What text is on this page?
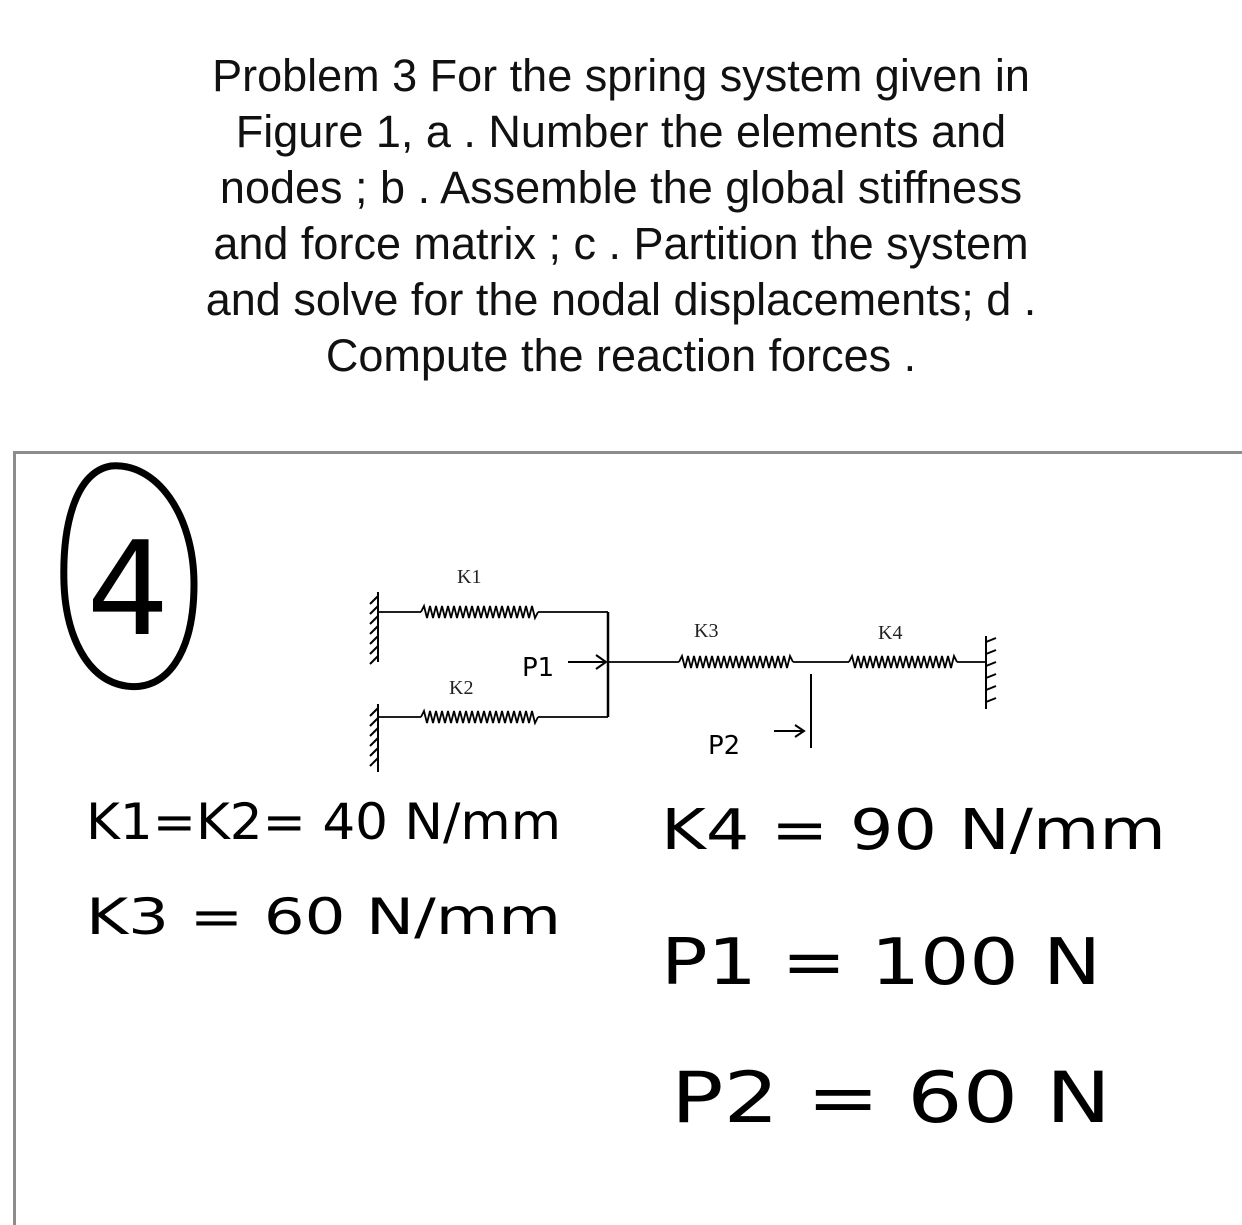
Problem 3 For the spring system given in
Figure 1, a . Number the elements and
nodes ; b . Assemble the global stiffness
and force matrix ; c . Partition the system
and solve for the nodal displacements; d .
Compute the reaction forces .
4	K1
K2
P1
K3
P2
K4
K1=K2= 40 N/mm
K3 = 60 N/mm
K4 = 90 N/mm
P1 = 100 N
P2 = 60 N
